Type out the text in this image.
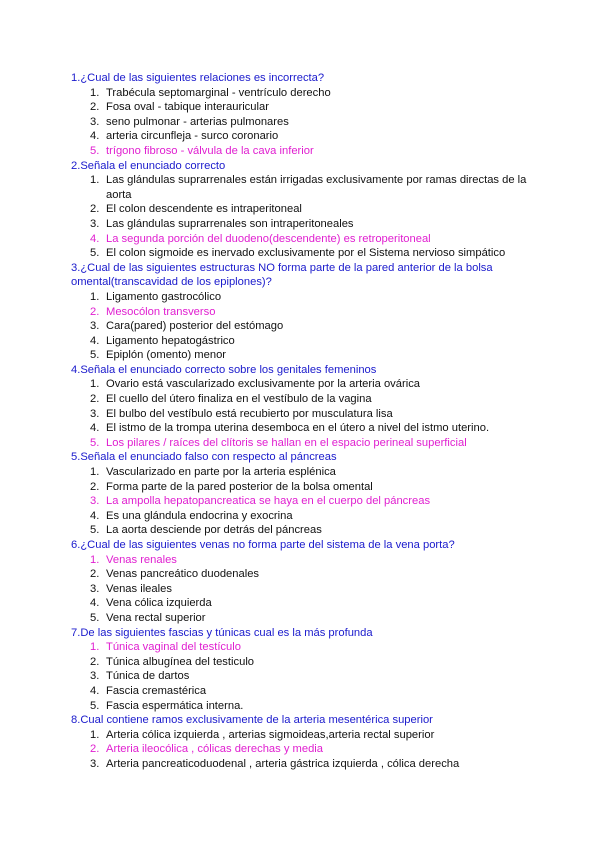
1.¿Cual de las siguientes relaciones es incorrecta?
1. Trabécula septomarginal - ventrículo derecho
2. Fosa oval - tabique interauricular
3. seno pulmonar - arterias pulmonares
4. arteria circunfleja - surco coronario
5. trígono fibroso - válvula de la cava inferior
2.Señala el enunciado correcto
1. Las glándulas suprarrenales están irrigadas exclusivamente por ramas directas de la aorta
2. El colon descendente es intraperitoneal
3. Las glándulas suprarrenales son intraperitoneales
4. La segunda porción del duodeno(descendente) es retroperitoneal
5. El colon sigmoide es inervado exclusivamente por el Sistema nervioso simpático
3.¿Cual de las siguientes estructuras NO forma parte de la pared anterior de la bolsa omental(transcavidad de los epiplones)?
1. Ligamento gastrocólico
2. Mesocólon transverso
3. Cara(pared) posterior del estómago
4. Ligamento hepatogástrico
5. Epiplón (omento) menor
4.Señala el enunciado correcto sobre los genitales femeninos
1. Ovario está vascularizado exclusivamente por la arteria ovárica
2. El cuello del útero finaliza en el vestíbulo de la vagina
3. El bulbo del vestíbulo está recubierto por musculatura lisa
4. El istmo de la trompa uterina desemboca en el útero a nivel del istmo uterino.
5. Los pilares / raíces del clítoris se hallan en el espacio perineal superficial
5.Señala el enunciado falso con respecto al páncreas
1. Vascularizado en parte por la arteria esplénica
2. Forma parte de la pared posterior de la bolsa omental
3. La ampolla hepatopancreatica se haya en el cuerpo del páncreas
4. Es una glándula endocrina y exocrina
5. La aorta desciende por detrás del páncreas
6.¿Cual de las siguientes venas no forma parte del sistema de la vena porta?
1. Venas renales
2. Venas pancreático duodenales
3. Venas ileales
4. Vena cólica izquierda
5. Vena rectal superior
7.De las siguientes fascias y túnicas cual es la más profunda
1. Túnica vaginal del testículo
2. Túnica albugínea del testiculo
3. Túnica de dartos
4. Fascia cremastérica
5. Fascia espermática interna.
8.Cual contiene ramos exclusivamente de la arteria mesentérica superior
1. Arteria cólica izquierda , arterias sigmoideas,arteria rectal superior
2. Arteria ileocólica , cólicas derechas y media
3. Arteria pancreaticoduodenal , arteria gástrica izquierda , cólica derecha
